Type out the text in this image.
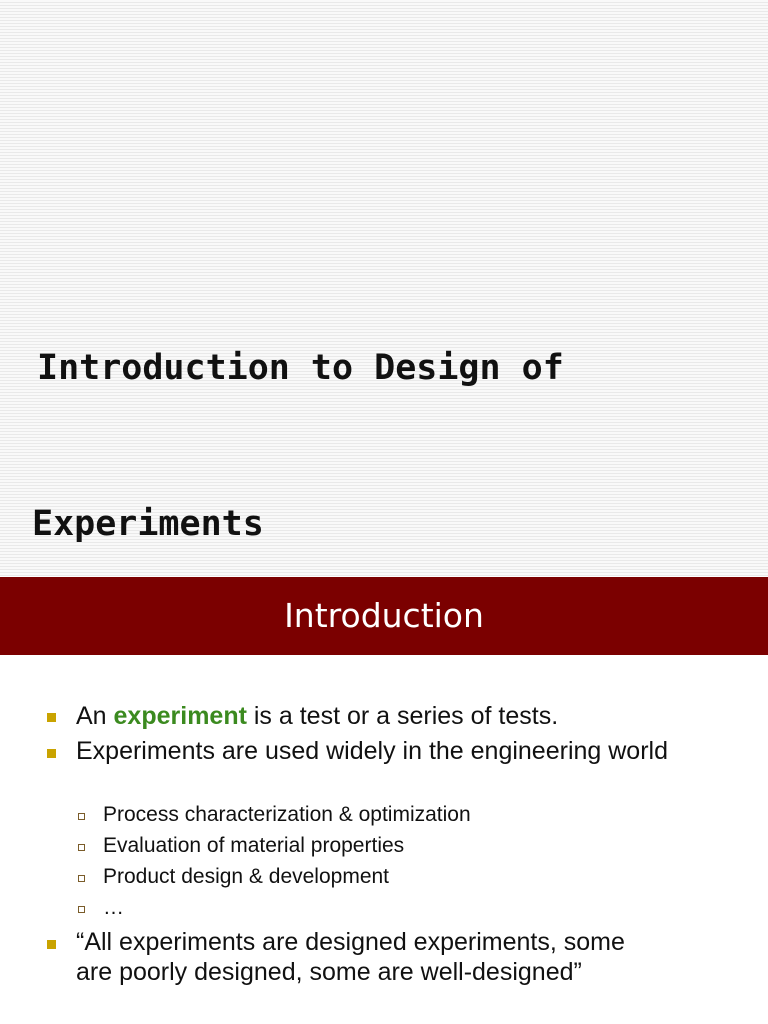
Introduction to Design of

Experiments

Introduction
An experiment is a test or a series of tests.
Experiments are used widely in the engineering world
Process characterization & optimization
Evaluation of material properties
Product design & development
…
“All experiments are designed experiments, some are poorly designed, some are well-designed”
